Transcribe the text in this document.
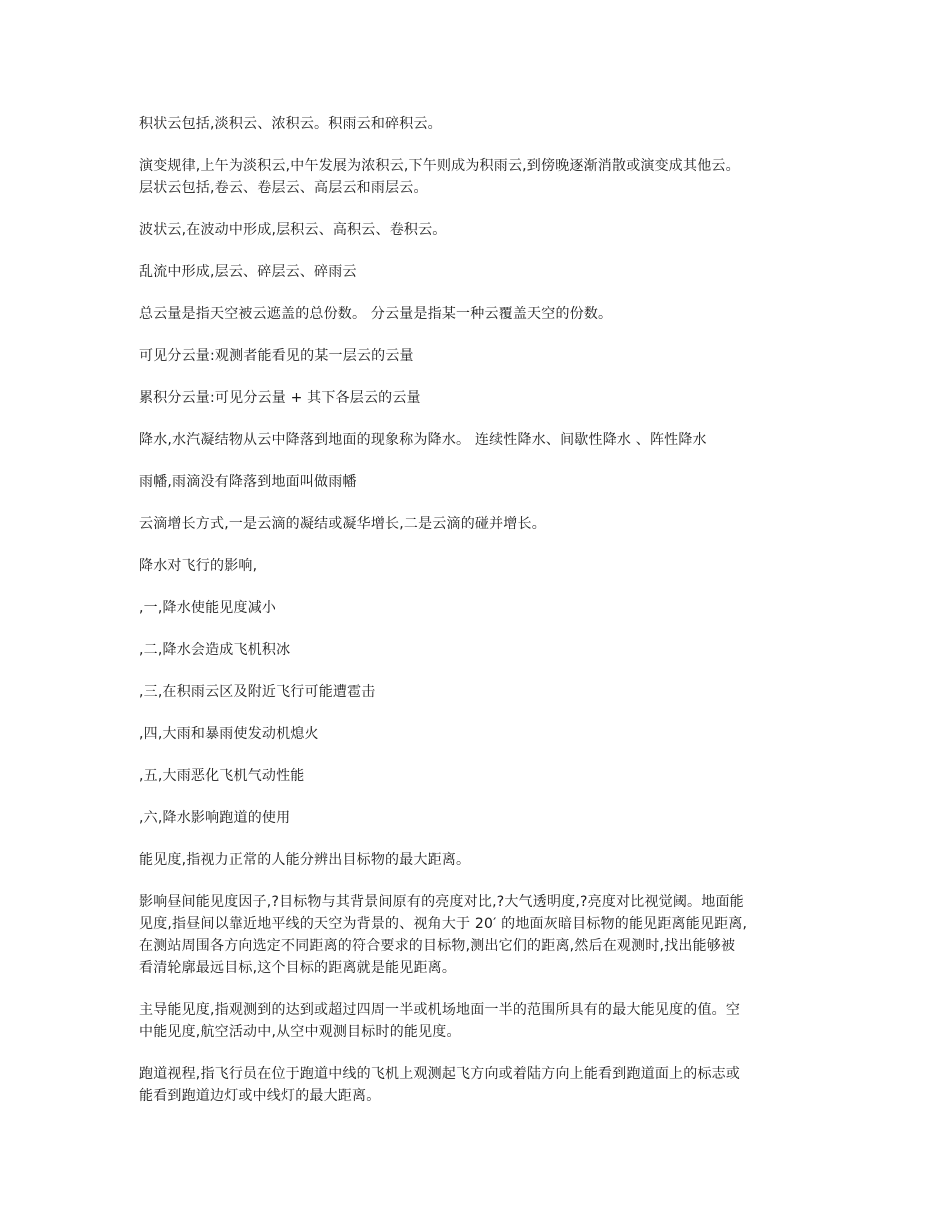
积状云包括,淡积云、浓积云。积雨云和碎积云。

演变规律,上午为淡积云,中午发展为浓积云,下午则成为积雨云,到傍晚逐渐消散或演变成其他云。

层状云包括,卷云、卷层云、高层云和雨层云。

波状云,在波动中形成,层积云、高积云、卷积云。

乱流中形成,层云、碎层云、碎雨云

总云量是指天空被云遮盖的总份数。 分云量是指某一种云覆盖天空的份数。

可见分云量:观测者能看见的某一层云的云量

累积分云量:可见分云量 + 其下各层云的云量

降水,水汽凝结物从云中降落到地面的现象称为降水。 连续性降水、间歇性降水 、阵性降水

雨幡,雨滴没有降落到地面叫做雨幡

云滴增长方式,一是云滴的凝结或凝华增长,二是云滴的碰并增长。

降水对飞行的影响,

,一,降水使能见度减小

,二,降水会造成飞机积冰

,三,在积雨云区及附近飞行可能遭雹击

,四,大雨和暴雨使发动机熄火

,五,大雨恶化飞机气动性能

,六,降水影响跑道的使用

能见度,指视力正常的人能分辨出目标物的最大距离。

影响昼间能见度因子,?目标物与其背景间原有的亮度对比,?大气透明度,?亮度对比视觉阈。地面能
见度,指昼间以靠近地平线的天空为背景的、视角大于 20′ 的地面灰暗目标物的能见距离能见距离,
在测站周围各方向选定不同距离的符合要求的目标物,测出它们的距离,然后在观测时,找出能够被
看清轮廓最远目标,这个目标的距离就是能见距离。

主导能见度,指观测到的达到或超过四周一半或机场地面一半的范围所具有的最大能见度的值。空
中能见度,航空活动中,从空中观测目标时的能见度。

跑道视程,指飞行员在位于跑道中线的飞机上观测起飞方向或着陆方向上能看到跑道面上的标志或
能看到跑道边灯或中线灯的最大距离。
